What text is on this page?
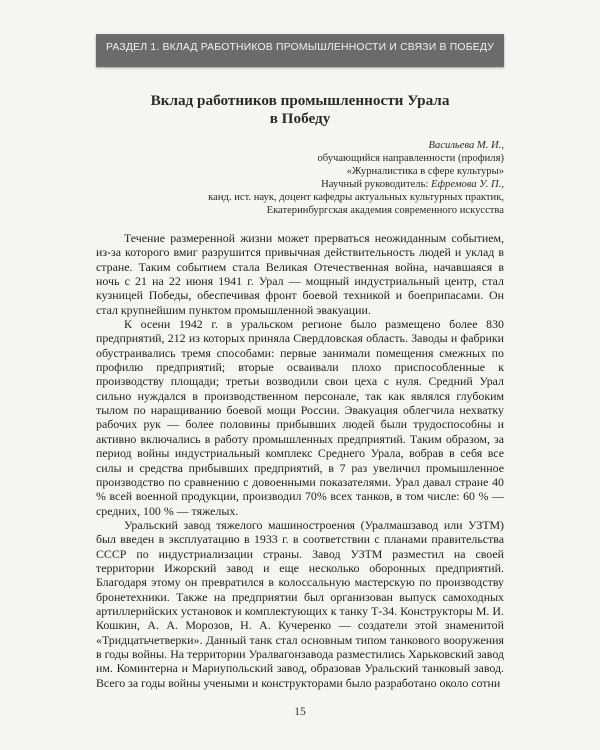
РАЗДЕЛ 1. ВКЛАД РАБОТНИКОВ ПРОМЫШЛЕННОСТИ И СВЯЗИ В ПОБЕДУ
Вклад работников промышленности Урала
в Победу
Васильева М. И.,
обучающийся направленности (профиля)
«Журналистика в сфере культуры»
Научный руководитель: Ефремова У. П.,
канд. ист. наук, доцент кафедры актуальных культурных практик,
Екатеринбургская академия современного искусства

Течение размеренной жизни может прерваться неожиданным событием, из-за которого вмиг разрушится привычная действительность людей и уклад в стране. Таким событием стала Великая Отечественная война, начавшаяся в ночь с 21 на 22 июня 1941 г. Урал — мощный индустриальный центр, стал кузницей Победы, обеспечивая фронт боевой техникой и боеприпасами. Он стал крупнейшим пунктом промышленной эвакуации.

К осени 1942 г. в уральском регионе было размещено более 830 предприятий, 212 из которых приняла Свердловская область. Заводы и фабрики обустраивались тремя способами: первые занимали помещения смежных по профилю предприятий; вторые осваивали плохо приспособленные к производству площади; третьи возводили свои цеха с нуля. Средний Урал сильно нуждался в производственном персонале, так как являлся глубоким тылом по наращиванию боевой мощи России. Эвакуация облегчила нехватку рабочих рук — более половины прибывших людей были трудоспособны и активно включались в работу промышленных предприятий. Таким образом, за период войны индустриальный комплекс Среднего Урала, вобрав в себя все силы и средства прибывших предприятий, в 7 раз увеличил промышленное производство по сравнению с довоенными показателями. Урал давал стране 40 % всей военной продукции, производил 70% всех танков, в том числе: 60 % — средних, 100 % — тяжелых.

Уральский завод тяжелого машиностроения (Уралмашзавод или УЗТМ) был введен в эксплуатацию в 1933 г. в соответствии с планами правительства СССР по индустриализации страны. Завод УЗТМ разместил на своей территории Ижорский завод и еще несколько оборонных предприятий. Благодаря этому он превратился в колоссальную мастерскую по производству бронетехники. Также на предприятии был организован выпуск самоходных артиллерийских установок и комплектующих к танку Т-34. Конструкторы М. И. Кошкин, А. А. Морозов, Н. А. Кучеренко — создатели этой знаменитой «Тридцатьчетверки». Данный танк стал основным типом танкового вооружения в годы войны. На территории Уралвагонзавода разместились Харьковский завод им. Коминтерна и Мариупольский завод, образовав Уральский танковый завод. Всего за годы войны учеными и конструкторами было разработано около сотни

15
